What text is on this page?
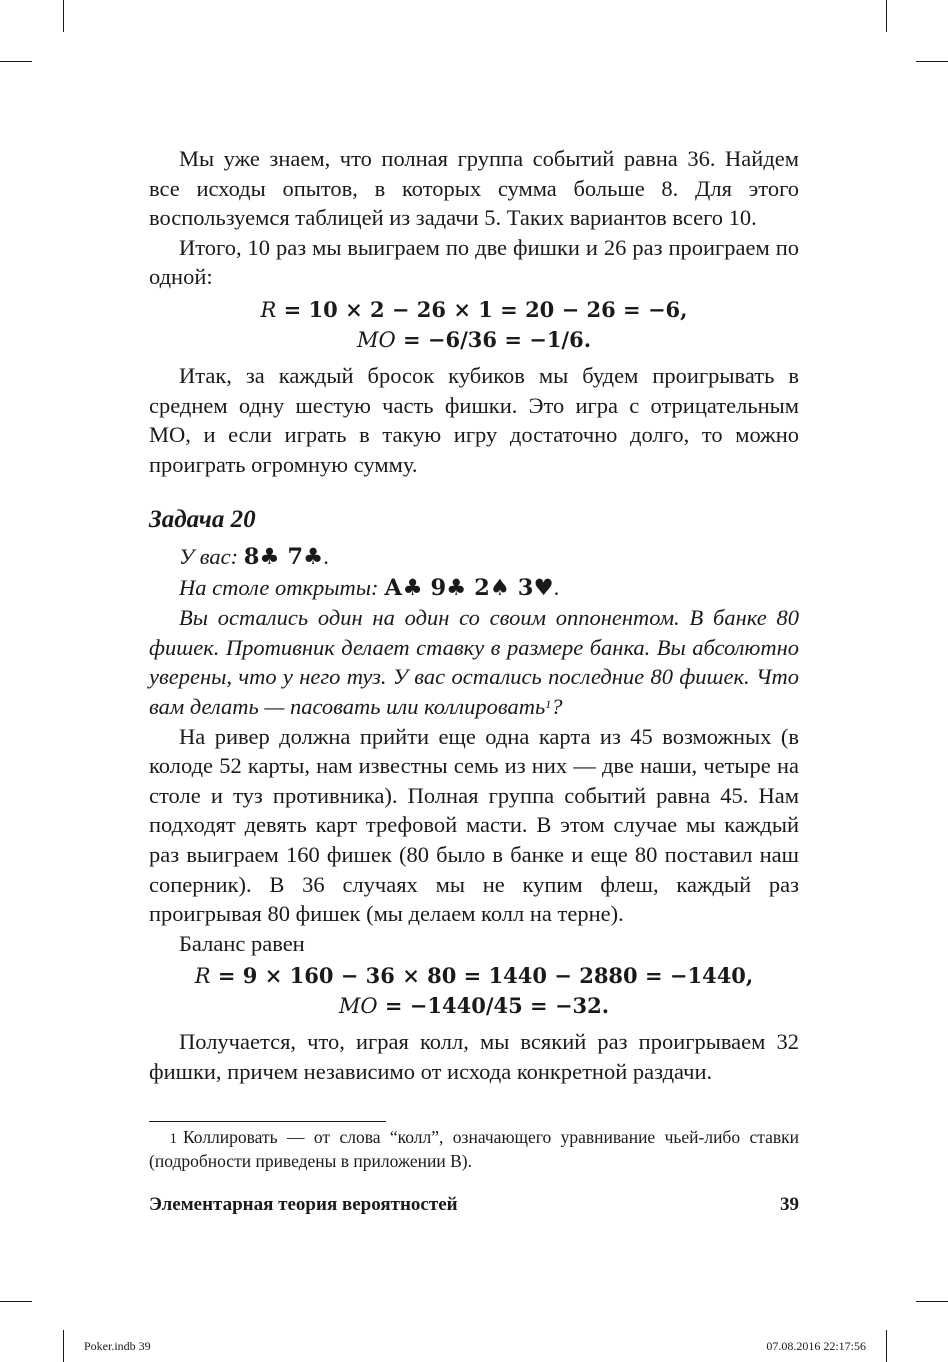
Мы уже знаем, что полная группа событий равна 36. Найдем все исходы опытов, в которых сумма больше 8. Для этого воспользуемся таблицей из задачи 5. Таких вариантов всего 10.

Итого, 10 раз мы выиграем по две фишки и 26 раз проиграем по одной:

R = 10 × 2 − 26 × 1 = 20 − 26 = −6,

МО = −6/36 = −1/6.

Итак, за каждый бросок кубиков мы будем проигрывать в среднем одну шестую часть фишки. Это игра с отрицательным МО, и если играть в такую игру достаточно долго, то можно проиграть огромную сумму.

Задача 20

У вас: 8♣ 7♣.

На столе открыты: А♣ 9♣ 2♠ 3♥.

Вы остались один на один со своим оппонентом. В банке 80 фишек. Противник делает ставку в размере банка. Вы абсолютно уверены, что у него туз. У вас остались последние 80 фишек. Что вам делать — пасовать или коллировать$^1$?

На ривер должна прийти еще одна карта из 45 возможных (в колоде 52 карты, нам известны семь из них — две наши, четыре на столе и туз противника). Полная группа событий равна 45. Нам подходят девять карт трефовой масти. В этом случае мы каждый раз выиграем 160 фишек (80 было в банке и еще 80 поставил наш соперник). В 36 случаях мы не купим флеш, каждый раз проигрывая 80 фишек (мы делаем колл на терне).

Баланс равен

R = 9 × 160 − 36 × 80 = 1440 − 2880 = −1440,

МО = −1440/45 = −32.

Получается, что, играя колл, мы всякий раз проигрываем 32 фишки, причем независимо от исхода конкретной раздачи.

1 Коллировать — от слова “колл”, означающего уравнивание чьей-либо ставки (подробности приведены в приложении В).

Элементарная теория вероятностей	39
Poker.indb 39	07.08.2016 22:17:56
